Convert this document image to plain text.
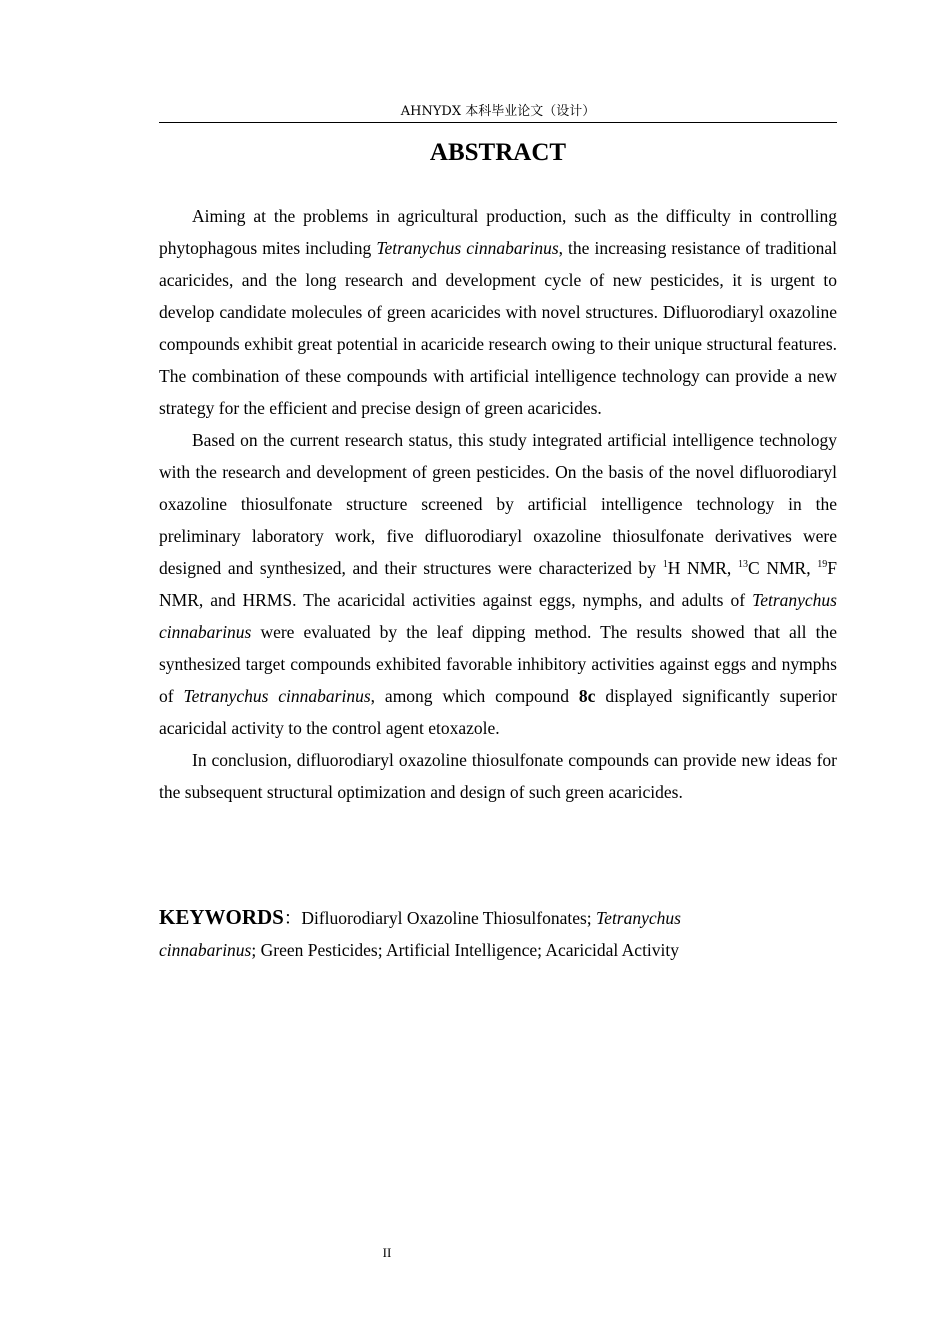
AHNYDX 本科毕业论文（设计）
ABSTRACT

Aiming at the problems in agricultural production, such as the difficulty in controlling phytophagous mites including Tetranychus cinnabarinus, the increasing resistance of traditional acaricides, and the long research and development cycle of new pesticides, it is urgent to develop candidate molecules of green acaricides with novel structures. Difluorodiaryl oxazoline compounds exhibit great potential in acaricide research owing to their unique structural features. The combination of these compounds with artificial intelligence technology can provide a new strategy for the efficient and precise design of green acaricides.

Based on the current research status, this study integrated artificial intelligence technology with the research and development of green pesticides. On the basis of the novel difluorodiaryl oxazoline thiosulfonate structure screened by artificial intelligence technology in the preliminary laboratory work, five difluorodiaryl oxazoline thiosulfonate derivatives were designed and synthesized, and their structures were characterized by $^1$H NMR, $^{13}$C NMR, $^{19}$F NMR, and HRMS. The acaricidal activities against eggs, nymphs, and adults of Tetranychus cinnabarinus were evaluated by the leaf dipping method. The results showed that all the synthesized target compounds exhibited favorable inhibitory activities against eggs and nymphs of Tetranychus cinnabarinus, among which compound 8c displayed significantly superior acaricidal activity to the control agent etoxazole.

In conclusion, difluorodiaryl oxazoline thiosulfonate compounds can provide new ideas for the subsequent structural optimization and design of such green acaricides.

KEYWORDS：Difluorodiaryl Oxazoline Thiosulfonates; Tetranychus cinnabarinus; Green Pesticides; Artificial Intelligence; Acaricidal Activity

II
